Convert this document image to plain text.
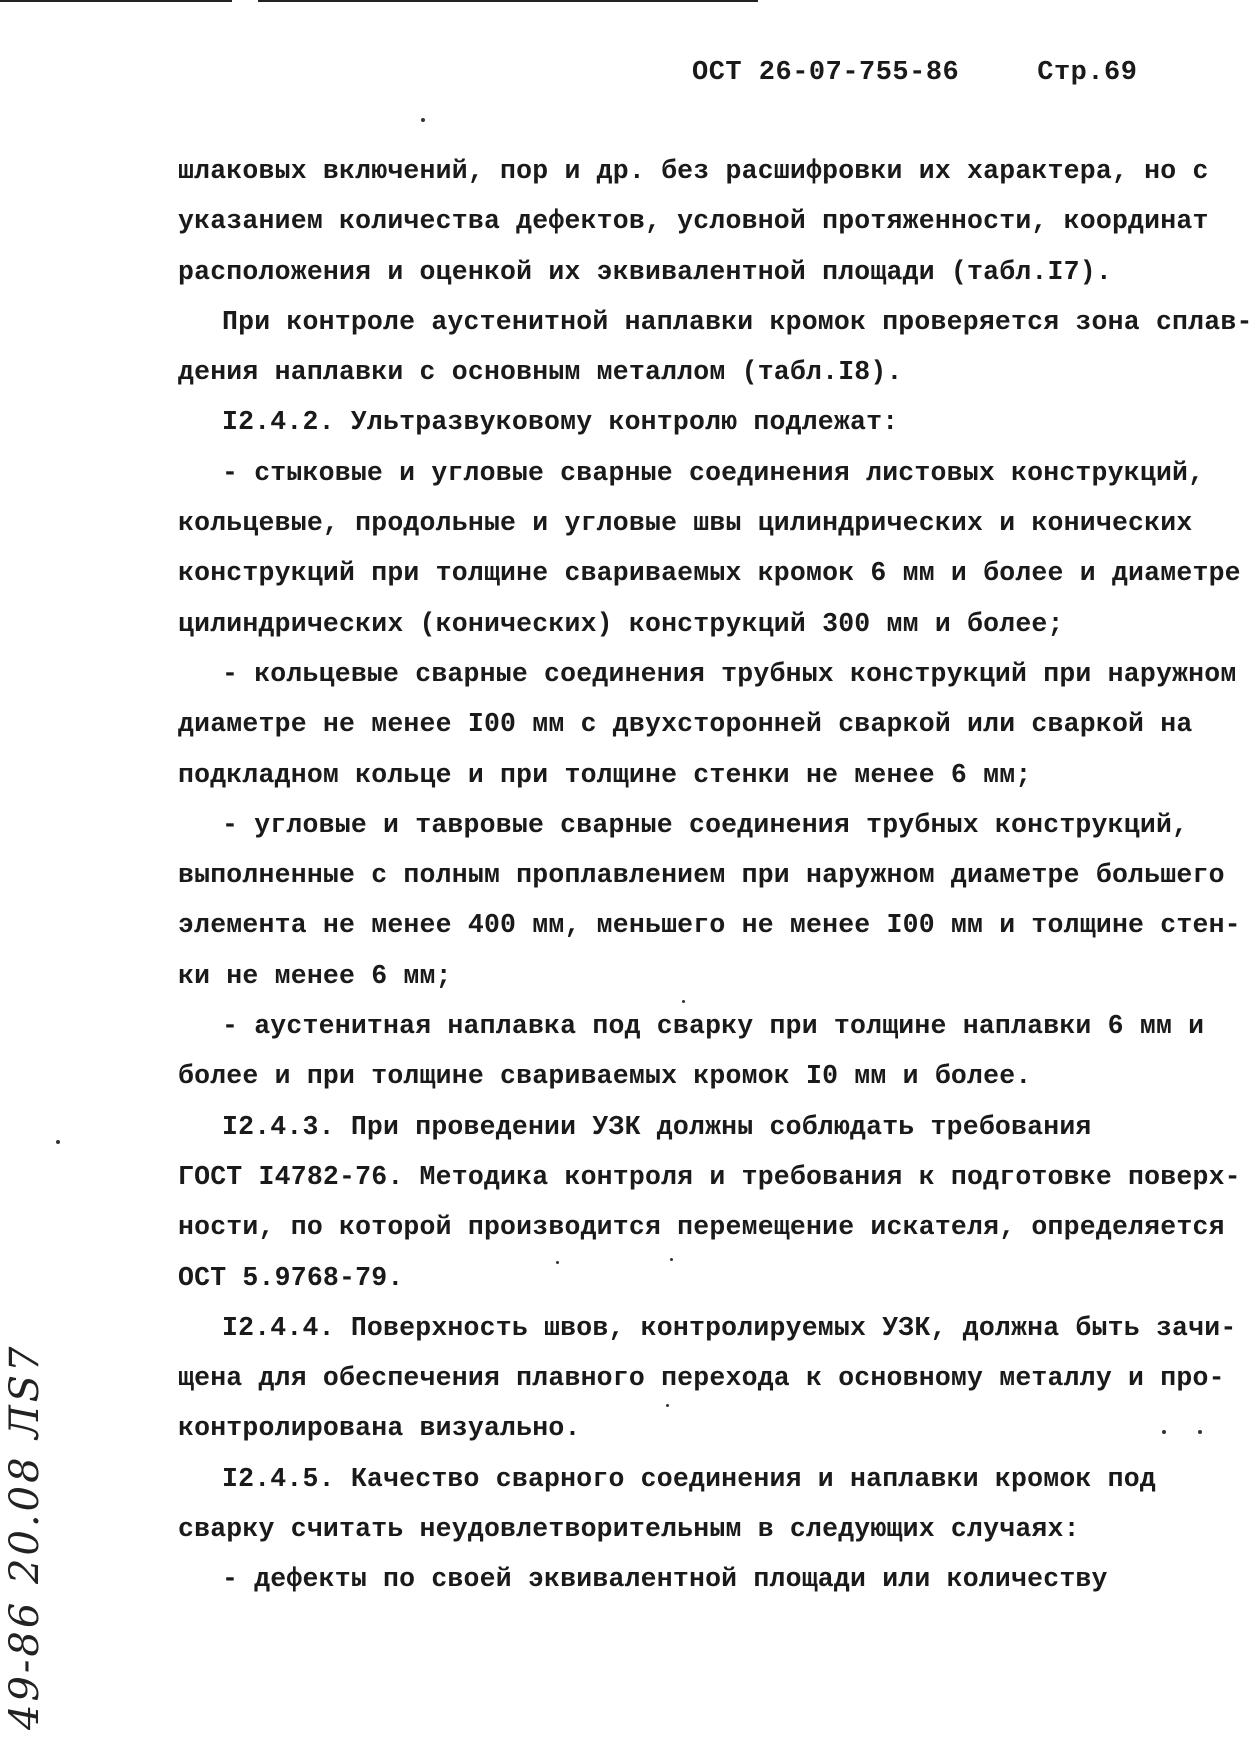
ОСТ 26-07-755-86	Стр.69
шлаковых включений, пор и др. без расшифровки их характера, но с
указанием количества дефектов, условной протяженности, координат
расположения и оценкой их эквивалентной площади (табл.I7).
При контроле аустенитной наплавки кромок проверяется зона сплав-
дения наплавки с основным металлом (табл.I8).
I2.4.2. Ультразвуковому контролю подлежат:
- стыковые и угловые сварные соединения листовых конструкций,
кольцевые, продольные и угловые швы цилиндрических и конических
конструкций при толщине свариваемых кромок 6 мм и более и диаметре
цилиндрических (конических) конструкций 300 мм и более;
- кольцевые сварные соединения трубных конструкций при наружном
диаметре не менее I00 мм с двухсторонней сваркой или сваркой на
подкладном кольце и при толщине стенки не менее 6 мм;
- угловые и тавровые сварные соединения трубных конструкций,
выполненные с полным проплавлением при наружном диаметре большего
элемента не менее 400 мм, меньшего не менее I00 мм и толщине стен-
ки не менее 6 мм;
- аустенитная наплавка под сварку при толщине наплавки 6 мм и
более и при толщине свариваемых кромок I0 мм и более.
I2.4.3. При проведении УЗК должны соблюдать требования
ГОСТ I4782-76. Методика контроля и требования к подготовке поверх-
ности, по которой производится перемещение искателя, определяется
ОСТ 5.9768-79.
I2.4.4. Поверхность швов, контролируемых УЗК, должна быть зачи-
щена для обеспечения плавного перехода к основному металлу и про-
контролирована визуально.
I2.4.5. Качество сварного соединения и наплавки кромок под
сварку считать неудовлетворительным в следующих случаях:
- дефекты по своей эквивалентной площади или количеству
49-86 20.08 ЛЅ7
